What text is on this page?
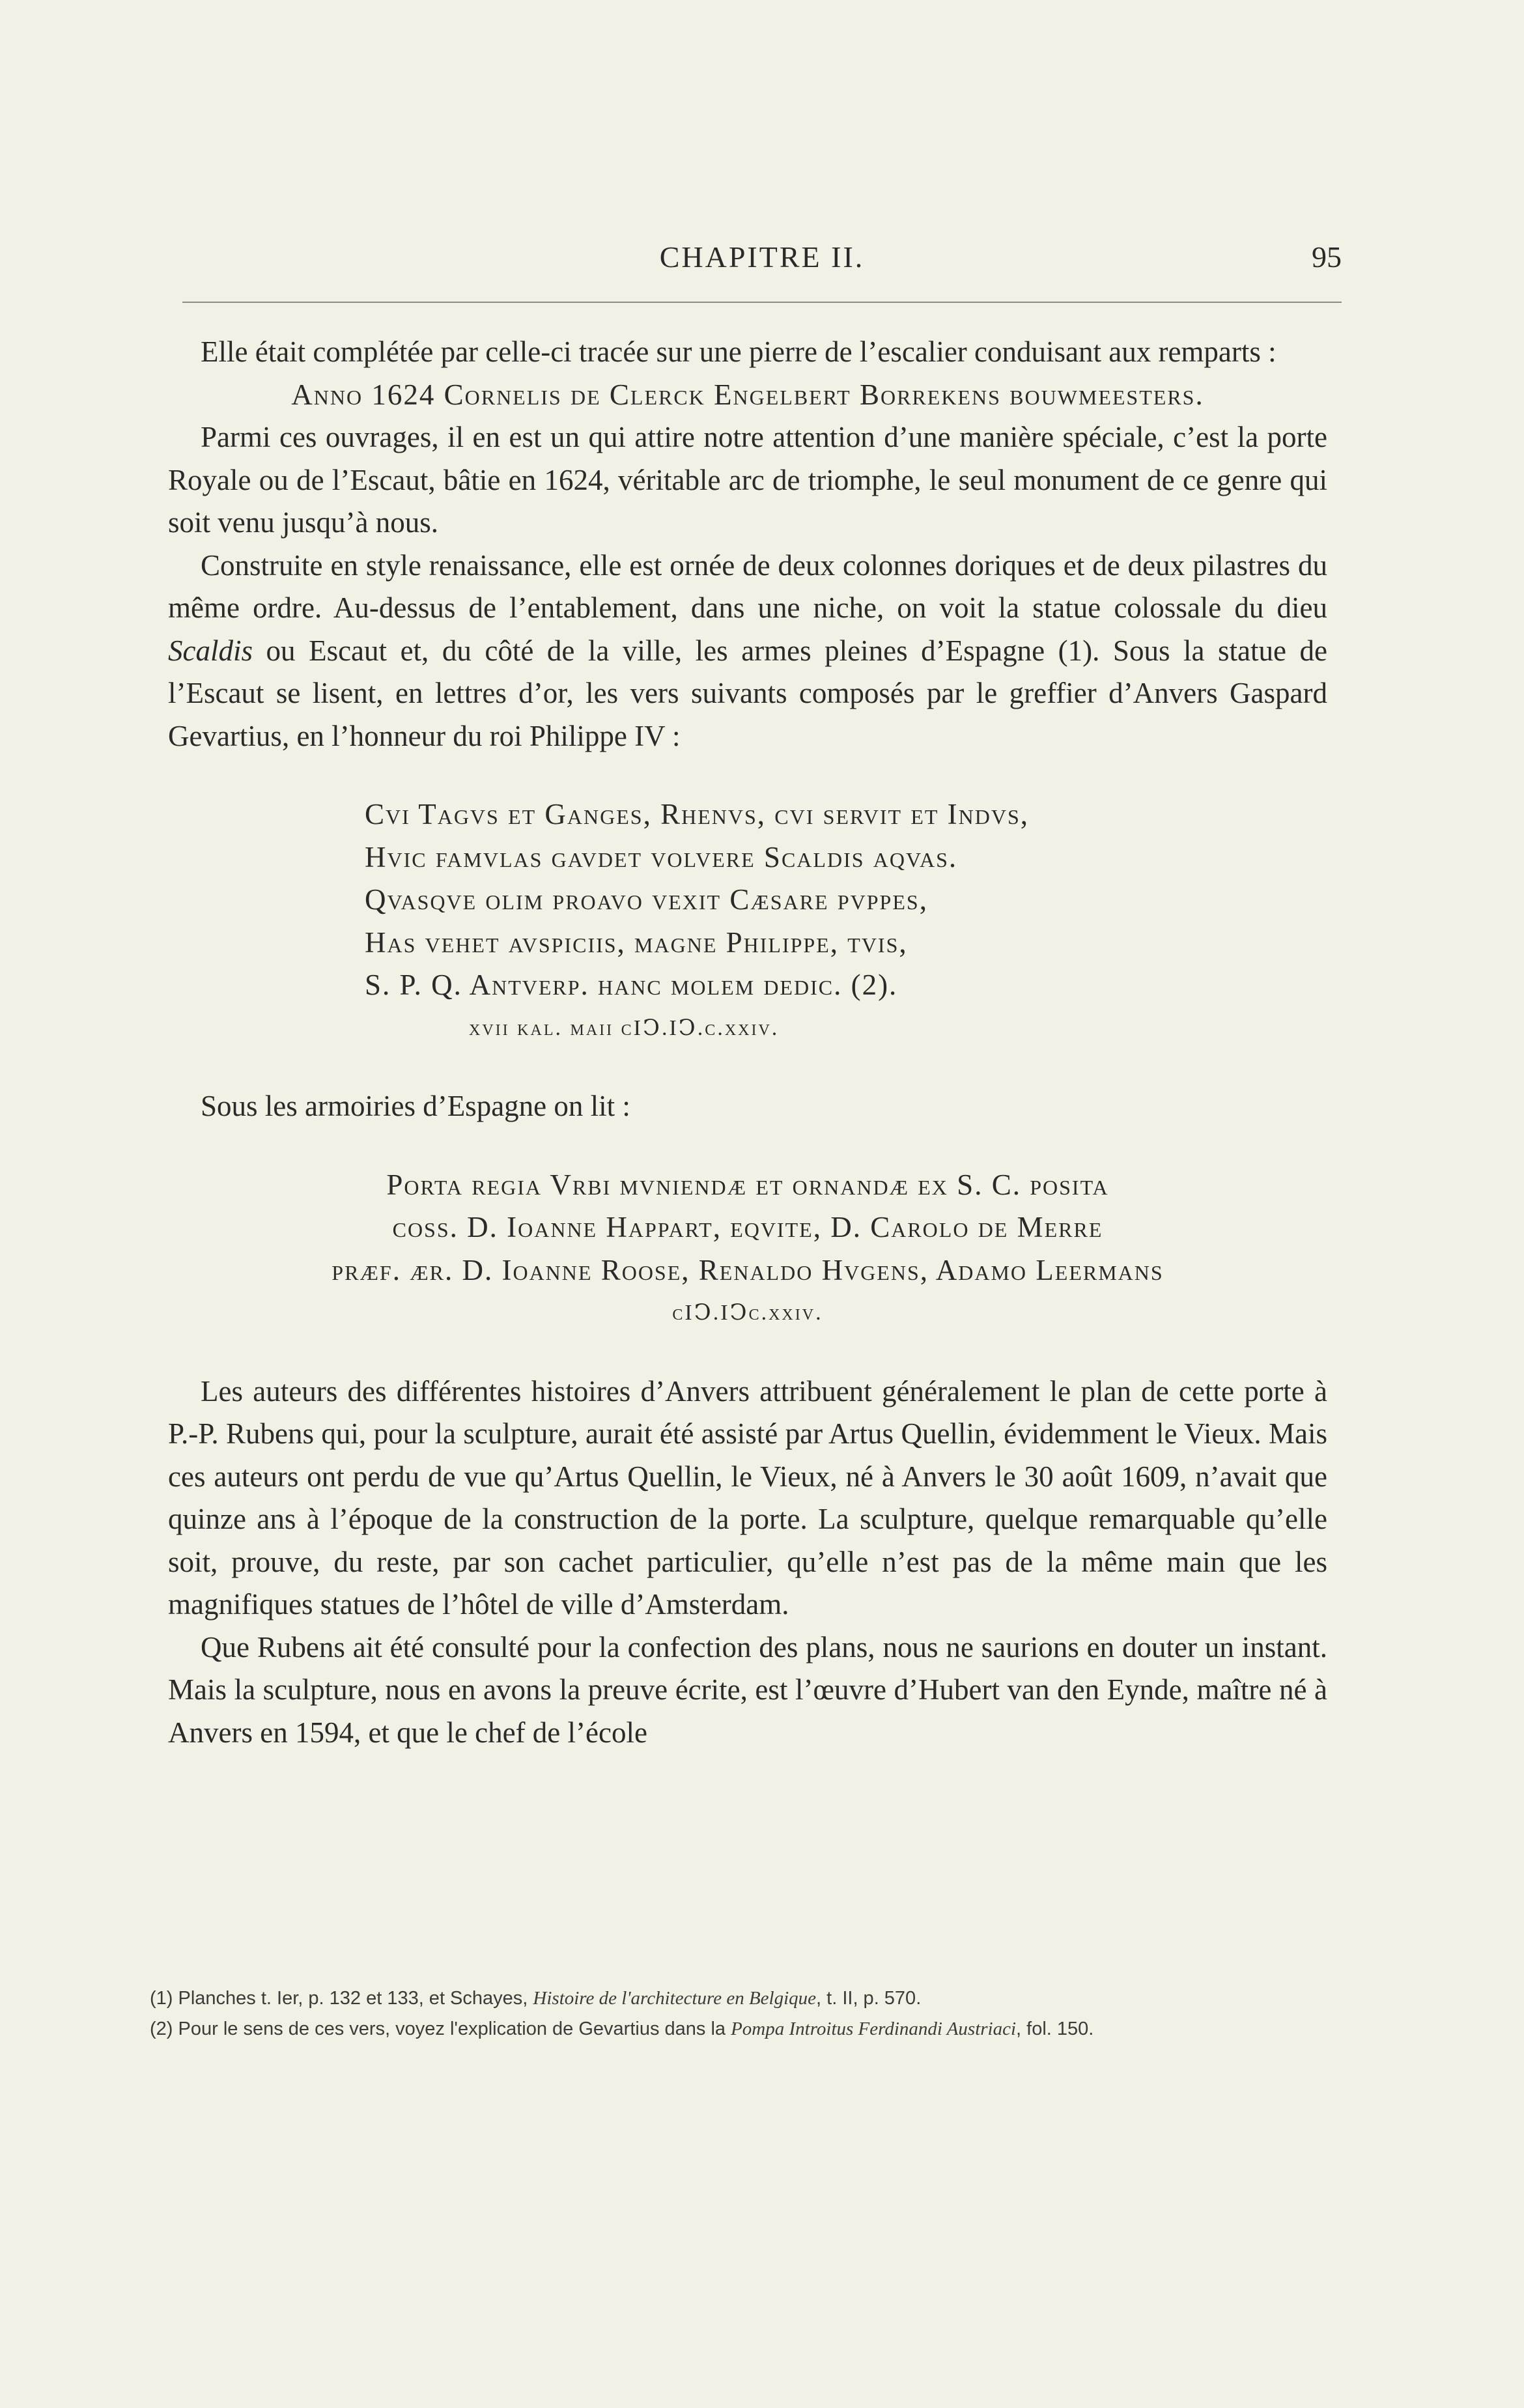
CHAPITRE II.	95

Elle était complétée par celle-ci tracée sur une pierre de l’escalier conduisant aux remparts :

Anno 1624 Cornelis de Clerck Engelbert Borrekens bouwmeesters.

Parmi ces ouvrages, il en est un qui attire notre attention d’une manière spéciale, c’est la porte Royale ou de l’Escaut, bâtie en 1624, véritable arc de triomphe, le seul monument de ce genre qui soit venu jusqu’à nous.

Construite en style renaissance, elle est ornée de deux colonnes doriques et de deux pilastres du même ordre. Au-dessus de l’entablement, dans une niche, on voit la statue colossale du dieu Scaldis ou Escaut et, du côté de la ville, les armes pleines d’Espagne (1). Sous la statue de l’Escaut se lisent, en lettres d’or, les vers suivants composés par le greffier d’Anvers Gaspard Gevartius, en l’honneur du roi Philippe IV :

Cvi Tagvs et Ganges, Rhenvs, cvi servit et Indvs,
Hvic famvlas gavdet volvere Scaldis aqvas.
Qvasqve olim proavo vexit Cæsare pvppes,
Has vehet avspiciis, magne Philippe, tvis,
S. P. Q. Antverp. hanc molem dedic. (2).
xvii kal. maii cIↃ.IↃ.c.xxiv.

Sous les armoiries d’Espagne on lit :

Porta regia Vrbi mvniendæ et ornandæ ex S. C. posita
coss. D. Ioanne Happart, eqvite, D. Carolo de Merre
præf. ær. D. Ioanne Roose, Renaldo Hvgens, Adamo Leermans
cIↃ.IↃc.xxiv.

Les auteurs des différentes histoires d’Anvers attribuent généralement le plan de cette porte à P.-P. Rubens qui, pour la sculpture, aurait été assisté par Artus Quellin, évidemment le Vieux. Mais ces auteurs ont perdu de vue qu’Artus Quellin, le Vieux, né à Anvers le 30 août 1609, n’avait que quinze ans à l’époque de la construction de la porte. La sculpture, quelque remarquable qu’elle soit, prouve, du reste, par son cachet particulier, qu’elle n’est pas de la même main que les magnifiques statues de l’hôtel de ville d’Amsterdam.

Que Rubens ait été consulté pour la confection des plans, nous ne saurions en douter un instant. Mais la sculpture, nous en avons la preuve écrite, est l’œuvre d’Hubert van den Eynde, maître né à Anvers en 1594, et que le chef de l’école

(1) Planches t. Ier, p. 132 et 133, et Schayes, Histoire de l'architecture en Belgique, t. II, p. 570.

(2) Pour le sens de ces vers, voyez l'explication de Gevartius dans la Pompa Introitus Ferdinandi Austriaci, fol. 150.
